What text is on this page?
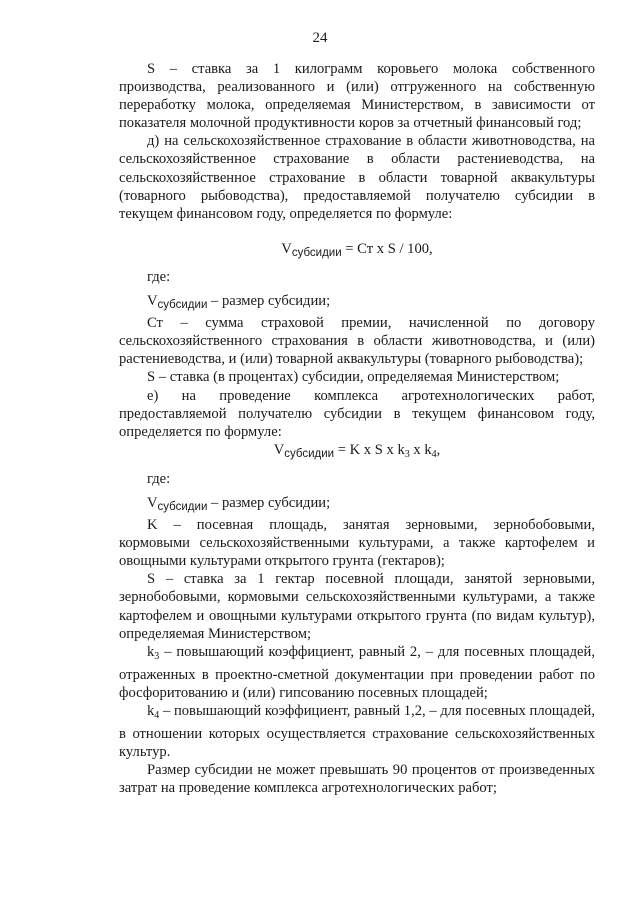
24

S – ставка за 1 килограмм коровьего молока собственного производства, реализованного и (или) отгруженного на собственную переработку молока, определяемая Министерством, в зависимости от показателя молочной продуктивности коров за отчетный финансовый год;

д) на сельскохозяйственное страхование в области животноводства, на сельскохозяйственное страхование в области растениеводства, на сельскохозяйственное страхование в области товарной аквакультуры (товарного рыбоводства), предоставляемой получателю субсидии в текущем финансовом году, определяется по формуле:

$V_{субсидии}$ = Ст x S / 100,

где:

$V_{субсидии}$ – размер субсидии;

Ст – сумма страховой премии, начисленной по договору сельскохозяйственного страхования в области животноводства, и (или) растениеводства, и (или) товарной аквакультуры (товарного рыбоводства);

S – ставка (в процентах) субсидии, определяемая Министерством;

е) на проведение комплекса агротехнологических работ, предоставляемой получателю субсидии в текущем финансовом году, определяется по формуле:

$V_{субсидии} = K$ x S x $k_3$ x $k_4$,

где:

$V_{субсидии}$ – размер субсидии;

K – посевная площадь, занятая зерновыми, зернобобовыми, кормовыми сельскохозяйственными культурами, а также картофелем и овощными культурами открытого грунта (гектаров);

S – ставка за 1 гектар посевной площади, занятой зерновыми, зернобобовыми, кормовыми сельскохозяйственными культурами, а также картофелем и овощными культурами открытого грунта (по видам культур), определяемая Министерством;

$k_3$ – повышающий коэффициент, равный 2, – для посевных площадей, отраженных в проектно-сметной документации при проведении работ по фосфоритованию и (или) гипсованию посевных площадей;

$k_4$ – повышающий коэффициент, равный 1,2, – для посевных площадей, в отношении которых осуществляется страхование сельскохозяйственных культур.

Размер субсидии не может превышать 90 процентов от произведенных затрат на проведение комплекса агротехнологических работ;
